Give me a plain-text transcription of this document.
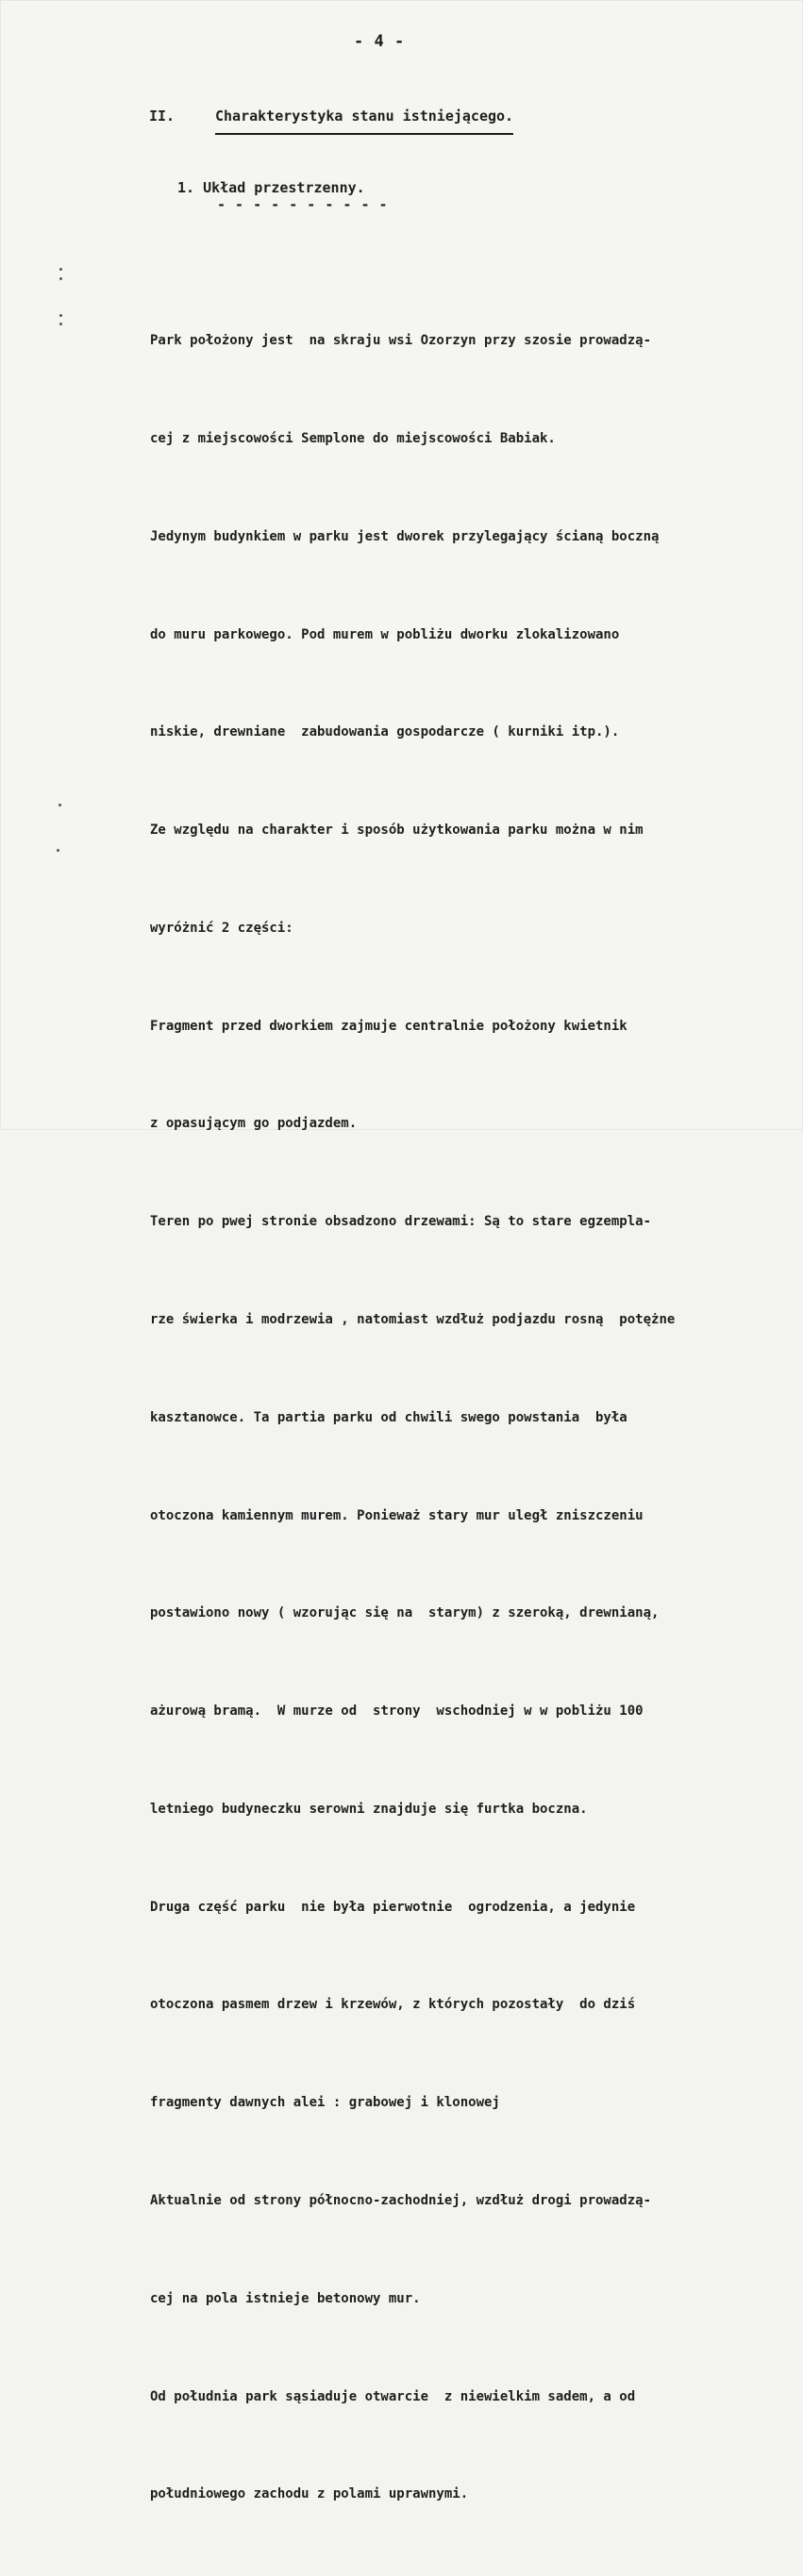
- 4 -
II.	Charakterystyka stanu istniejącego.
1. Układ przestrzenny.
- - - - - - - - - -

Park położony jest  na skraju wsi Ozorzyn przy szosie prowadzą-

cej z miejscowości Semplone do miejscowości Babiak.

Jedynym budynkiem w parku jest dworek przylegający ścianą boczną

do muru parkowego. Pod murem w pobliżu dworku zlokalizowano

niskie, drewniane  zabudowania gospodarcze ( kurniki itp.).

Ze względu na charakter i sposób użytkowania parku można w nim

wyróżnić 2 części:

Fragment przed dworkiem zajmuje centralnie położony kwietnik

z opasującym go podjazdem.

Teren po pwej stronie obsadzono drzewami: Są to stare egzempla-

rze świerka i modrzewia , natomiast wzdłuż podjazdu rosną  potężne

kasztanowce. Ta partia parku od chwili swego powstania  była

otoczona kamiennym murem. Ponieważ stary mur uległ zniszczeniu

postawiono nowy ( wzorując się na  starym) z szeroką, drewnianą,

ażurową bramą.  W murze od  strony  wschodniej w w pobliżu 100

letniego budyneczku serowni znajduje się furtka boczna.

Druga część parku  nie była pierwotnie  ogrodzenia, a jedynie

otoczona pasmem drzew i krzewów, z których pozostały  do dziś

fragmenty dawnych alei : grabowej i klonowej

Aktualnie od strony północno-zachodniej, wzdłuż drogi prowadzą-

cej na pola istnieje betonowy mur.

Od południa park sąsiaduje otwarcie  z niewielkim sadem, a od

południowego zachodu z polami uprawnymi.
